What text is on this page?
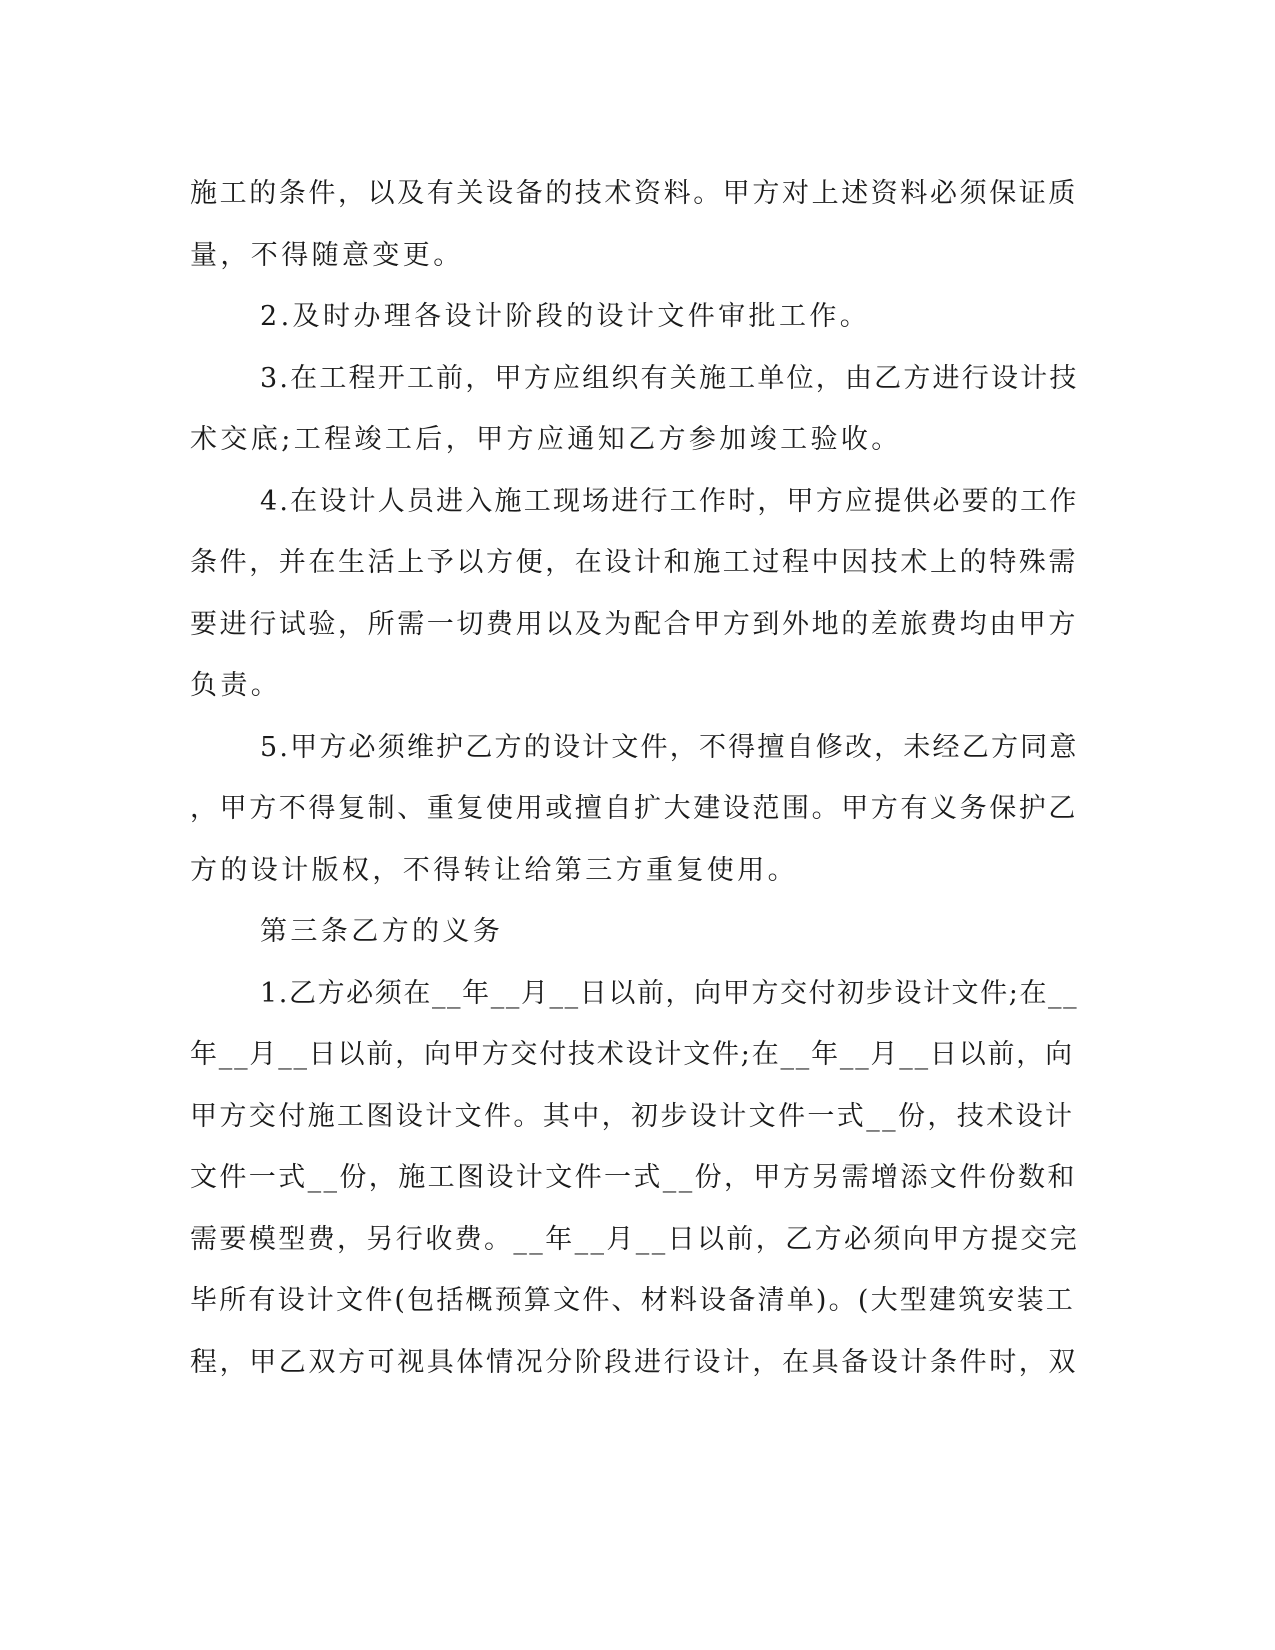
施工的条件，以及有关设备的技术资料。甲方对上述资料必须保证质
量，不得随意变更。
2.及时办理各设计阶段的设计文件审批工作。
3.在工程开工前，甲方应组织有关施工单位，由乙方进行设计技
术交底;工程竣工后，甲方应通知乙方参加竣工验收。
4.在设计人员进入施工现场进行工作时，甲方应提供必要的工作
条件，并在生活上予以方便，在设计和施工过程中因技术上的特殊需
要进行试验，所需一切费用以及为配合甲方到外地的差旅费均由甲方
负责。
5.甲方必须维护乙方的设计文件，不得擅自修改，未经乙方同意
，甲方不得复制、重复使用或擅自扩大建设范围。甲方有义务保护乙
方的设计版权，不得转让给第三方重复使用。
第三条乙方的义务
1.乙方必须在__年__月__日以前，向甲方交付初步设计文件;在__
年__月__日以前，向甲方交付技术设计文件;在__年__月__日以前，向
甲方交付施工图设计文件。其中，初步设计文件一式__份，技术设计
文件一式__份，施工图设计文件一式__份，甲方另需增添文件份数和
需要模型费，另行收费。__年__月__日以前，乙方必须向甲方提交完
毕所有设计文件(包括概预算文件、材料设备清单)。(大型建筑安装工
程，甲乙双方可视具体情况分阶段进行设计，在具备设计条件时，双
